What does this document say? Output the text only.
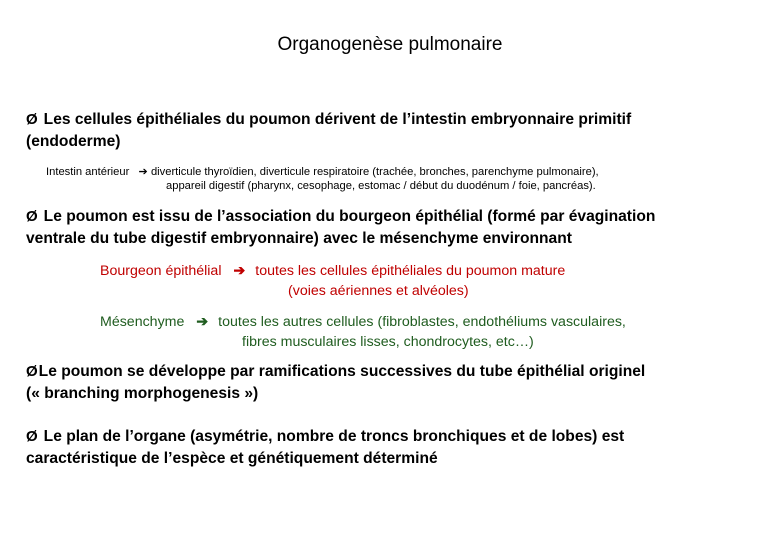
Organogenèse pulmonaire
Ø Les cellules épithéliales du poumon dérivent de l’intestin embryonnaire primitif
(endoderme)
Intestin antérieur ➔ diverticule thyroïdien, diverticule respiratoire (trachée, bronches, parenchyme pulmonaire),
appareil digestif (pharynx, cesophage, estomac / début du duodénum / foie, pancréas).
Ø Le poumon est issu de l’association du bourgeon épithélial (formé par évagination
ventrale du tube digestif embryonnaire) avec le mésenchyme environnant
Bourgeon épithélial ➔ toutes les cellules épithéliales du poumon mature
(voies aériennes et alvéoles)
Mésenchyme ➔ toutes les autres cellules (fibroblastes, endothéliums vasculaires,
fibres musculaires lisses, chondrocytes, etc…)
ØLe poumon se développe par ramifications successives du tube épithélial originel
(« branching morphogenesis »)
Ø Le plan de l’organe (asymétrie, nombre de troncs bronchiques et de lobes) est
caractéristique de l’espèce et génétiquement déterminé
